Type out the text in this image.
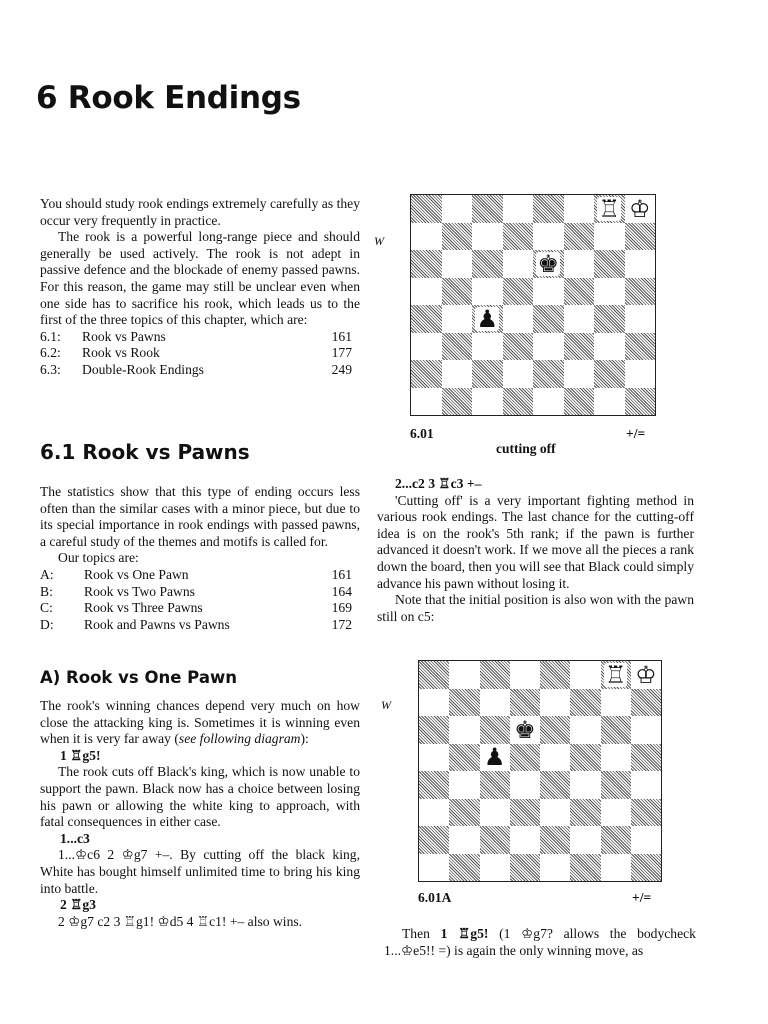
6 Rook Endings

You should study rook endings extremely carefully as they occur very frequently in practice.

The rook is a powerful long-range piece and should generally be used actively. The rook is not adept in passive defence and the blockade of enemy passed pawns. For this reason, the game may still be unclear even when one side has to sacrifice his rook, which leads us to the first of the three topics of this chapter, which are:

6.1:	Rook vs Pawns	161
6.2:	Rook vs Rook	177
6.3:	Double-Rook Endings	249
6.1 Rook vs Pawns

The statistics show that this type of ending occurs less often than the similar cases with a minor piece, but due to its special importance in rook endings with passed pawns, a careful study of the themes and motifs is called for.

Our topics are:

A:	Rook vs One Pawn	161
B:	Rook vs Two Pawns	164
C:	Rook vs Three Pawns	169
D:	Rook and Pawns vs Pawns	172
A) Rook vs One Pawn

The rook's winning chances depend very much on how close the attacking king is. Sometimes it is winning even when it is very far away (see following diagram):

1 ♖g5!

The rook cuts off Black's king, which is now unable to support the pawn. Black now has a choice between losing his pawn or allowing the white king to approach, with fatal consequences in either case.

1...c3

1...♔c6 2 ♔g7 +–. By cutting off the black king, White has bought himself unlimited time to bring his king into battle.

2 ♖g3

2 ♔g7 c2 3 ♖g1! ♔d5 4 ♖c1! +– also wins.

W
♖ ♔
♚
♟
6.01	+/=
cutting off

2...c2 3 ♖c3 +–

'Cutting off' is a very important fighting method in various rook endings. The last chance for the cutting-off idea is on the rook's 5th rank; if the pawn is further advanced it doesn't work. If we move all the pieces a rank down the board, then you will see that Black could simply advance his pawn without losing it.

Note that the initial position is also won with the pawn still on c5:

W
♖ ♔
♚
♟
6.01A	+/=

Then 1 ♖g5! (1 ♔g7? allows the bodycheck 1...♔e5!! =) is again the only winning move, as
